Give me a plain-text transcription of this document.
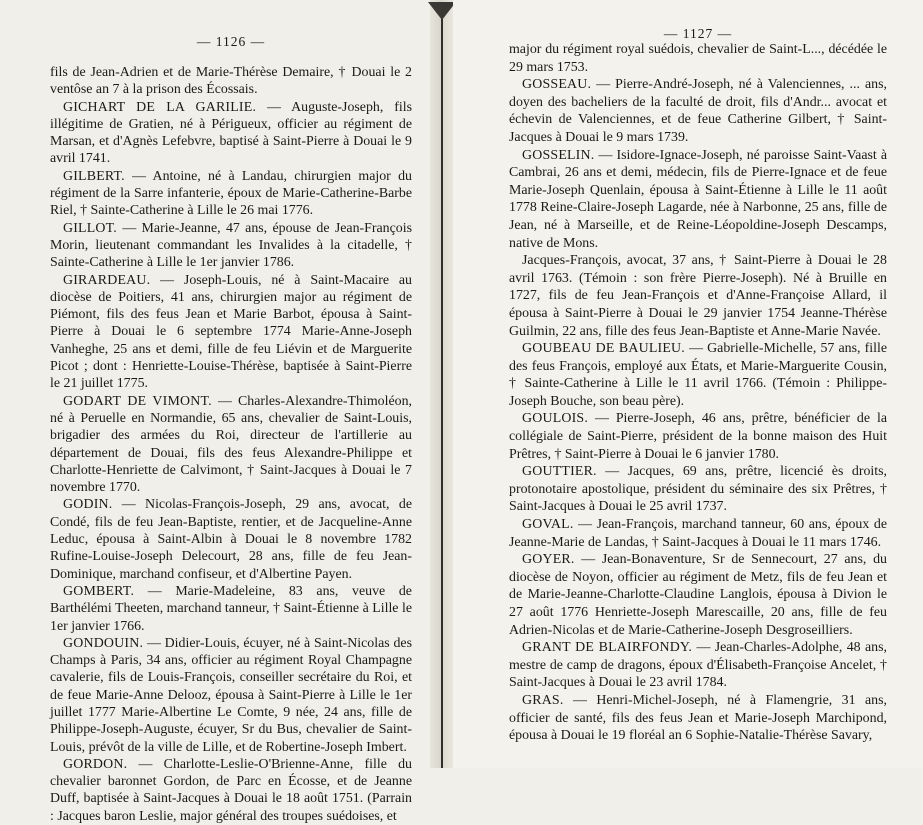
— 1126 —

fils de Jean-Adrien et de Marie-Thérèse Demaire, † Douai le 2 ventôse an 7 à la prison des Écossais.

GICHART DE LA GARILIE. — Auguste-Joseph, fils illégitime de Gratien, né à Périgueux, officier au régiment de Marsan, et d'Agnès Lefebvre, baptisé à Saint-Pierre à Douai le 9 avril 1741.

GILBERT. — Antoine, né à Landau, chirurgien major du régiment de la Sarre infanterie, époux de Marie-Catherine-Barbe Riel, † Sainte-Catherine à Lille le 26 mai 1776.

GILLOT. — Marie-Jeanne, 47 ans, épouse de Jean-François Morin, lieutenant commandant les Invalides à la citadelle, † Sainte-Catherine à Lille le 1er janvier 1786.

GIRARDEAU. — Joseph-Louis, né à Saint-Macaire au diocèse de Poitiers, 41 ans, chirurgien major au régiment de Piémont, fils des feus Jean et Marie Barbot, épousa à Saint-Pierre à Douai le 6 septembre 1774 Marie-Anne-Joseph Vanheghe, 25 ans et demi, fille de feu Liévin et de Marguerite Picot ; dont : Henriette-Louise-Thérèse, baptisée à Saint-Pierre le 21 juillet 1775.

GODART DE VIMONT. — Charles-Alexandre-Thimoléon, né à Peruelle en Normandie, 65 ans, chevalier de Saint-Louis, brigadier des armées du Roi, directeur de l'artillerie au département de Douai, fils des feus Alexandre-Philippe et Charlotte-Henriette de Calvimont, † Saint-Jacques à Douai le 7 novembre 1770.

GODIN. — Nicolas-François-Joseph, 29 ans, avocat, de Condé, fils de feu Jean-Baptiste, rentier, et de Jacqueline-Anne Leduc, épousa à Saint-Albin à Douai le 8 novembre 1782 Rufine-Louise-Joseph Delecourt, 28 ans, fille de feu Jean-Dominique, marchand confiseur, et d'Albertine Payen.

GOMBERT. — Marie-Madeleine, 83 ans, veuve de Barthélémi Theeten, marchand tanneur, † Saint-Étienne à Lille le 1er janvier 1766.

GONDOUIN. — Didier-Louis, écuyer, né à Saint-Nicolas des Champs à Paris, 34 ans, officier au régiment Royal Champagne cavalerie, fils de Louis-François, conseiller secrétaire du Roi, et de feue Marie-Anne Delooz, épousa à Saint-Pierre à Lille le 1er juillet 1777 Marie-Albertine Le Comte, 9 née, 24 ans, fille de Philippe-Joseph-Auguste, écuyer, Sr du Bus, chevalier de Saint-Louis, prévôt de la ville de Lille, et de Robertine-Joseph Imbert.

GORDON. — Charlotte-Leslie-O'Brienne-Anne, fille du chevalier baronnet Gordon, de Parc en Écosse, et de Jeanne Duff, baptisée à Saint-Jacques à Douai le 18 août 1751. (Parrain : Jacques baron Leslie, major général des troupes suédoises, et

— 1127 —

major du régiment royal suédois, chevalier de Saint-L..., décédée le 29 mars 1753.

GOSSEAU. — Pierre-André-Joseph, né à Valenciennes, ... ans, doyen des bacheliers de la faculté de droit, fils d'Andr... avocat et échevin de Valenciennes, et de feue Catherine Gilbert, † Saint-Jacques à Douai le 9 mars 1739.

GOSSELIN. — Isidore-Ignace-Joseph, né paroisse Saint-Vaast à Cambrai, 26 ans et demi, médecin, fils de Pierre-Ignace et de feue Marie-Joseph Quenlain, épousa à Saint-Étienne à Lille le 11 août 1778 Reine-Claire-Joseph Lagarde, née à Narbonne, 25 ans, fille de Jean, né à Marseille, et de Reine-Léopoldine-Joseph Descamps, native de Mons.

Jacques-François, avocat, 37 ans, † Saint-Pierre à Douai le 28 avril 1763. (Témoin : son frère Pierre-Joseph). Né à Bruille en 1727, fils de feu Jean-François et d'Anne-Françoise Allard, il épousa à Saint-Pierre à Douai le 29 janvier 1754 Jeanne-Thérèse Guilmin, 22 ans, fille des feus Jean-Baptiste et Anne-Marie Navée.

GOUBEAU DE BAULIEU. — Gabrielle-Michelle, 57 ans, fille des feus François, employé aux États, et Marie-Marguerite Cousin, † Sainte-Catherine à Lille le 11 avril 1766. (Témoin : Philippe-Joseph Bouche, son beau père).

GOULOIS. — Pierre-Joseph, 46 ans, prêtre, bénéficier de la collégiale de Saint-Pierre, président de la bonne maison des Huit Prêtres, † Saint-Pierre à Douai le 6 janvier 1780.

GOUTTIER. — Jacques, 69 ans, prêtre, licencié ès droits, protonotaire apostolique, président du séminaire des six Prêtres, † Saint-Jacques à Douai le 25 avril 1737.

GOVAL. — Jean-François, marchand tanneur, 60 ans, époux de Jeanne-Marie de Landas, † Saint-Jacques à Douai le 11 mars 1746.

GOYER. — Jean-Bonaventure, Sr de Sennecourt, 27 ans, du diocèse de Noyon, officier au régiment de Metz, fils de feu Jean et de Marie-Jeanne-Charlotte-Claudine Langlois, épousa à Divion le 27 août 1776 Henriette-Joseph Marescaille, 20 ans, fille de feu Adrien-Nicolas et de Marie-Catherine-Joseph Desgroseilliers.

GRANT DE BLAIRFONDY. — Jean-Charles-Adolphe, 48 ans, mestre de camp de dragons, époux d'Élisabeth-Françoise Ancelet, † Saint-Jacques à Douai le 23 avril 1784.

GRAS. — Henri-Michel-Joseph, né à Flamengrie, 31 ans, officier de santé, fils des feus Jean et Marie-Joseph Marchipond, épousa à Douai le 19 floréal an 6 Sophie-Natalie-Thérèse Savary,
